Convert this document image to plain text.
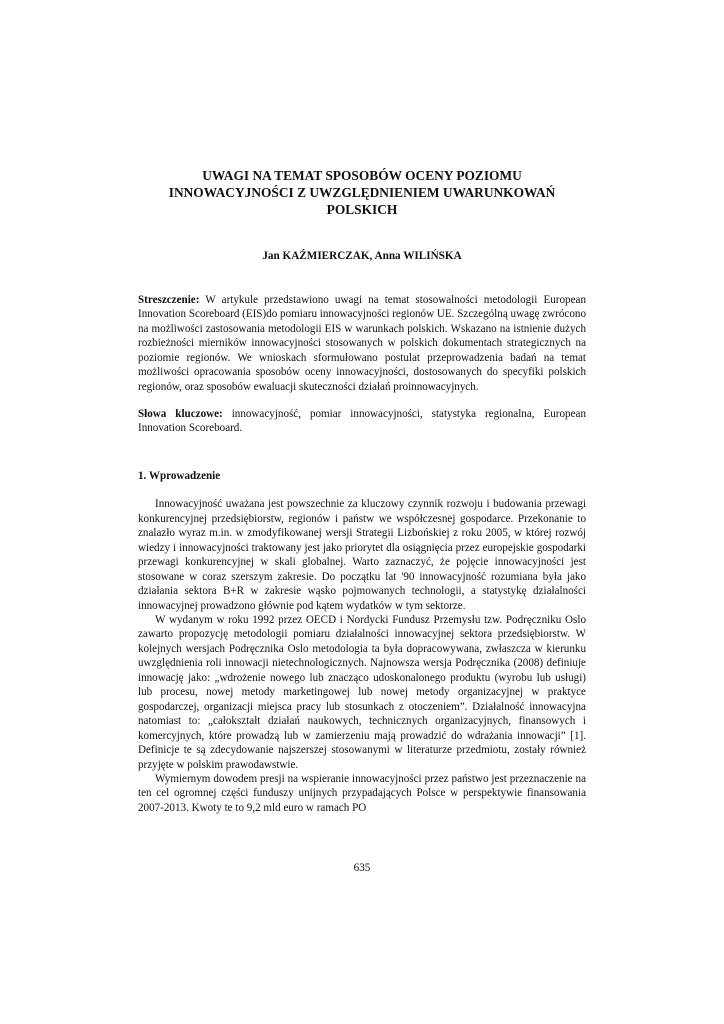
UWAGI NA TEMAT SPOSOBÓW OCENY POZIOMU
INNOWACYJNOŚCI Z UWZGLĘDNIENIEM UWARUNKOWAŃ
POLSKICH
Jan KAŹMIERCZAK, Anna WILIŃSKA

Streszczenie: W artykule przedstawiono uwagi na temat stosowalności metodologii European Innovation Scoreboard (EIS)do pomiaru innowacyjności regionów UE. Szczególną uwagę zwrócono na możliwości zastosowania metodologii EIS w warunkach polskich. Wskazano na istnienie dużych rozbieżności mierników innowacyjności stosowanych w polskich dokumentach strategicznych na poziomie regionów. We wnioskach sformułowano postulat przeprowadzenia badań na temat możliwości opracowania sposobów oceny innowacyjności, dostosowanych do specyfiki polskich regionów, oraz sposobów ewaluacji skuteczności działań proinnowacyjnych.

Słowa kluczowe: innowacyjność, pomiar innowacyjności, statystyka regionalna, European Innovation Scoreboard.

1. Wprowadzenie

Innowacyjność uważana jest powszechnie za kluczowy czynnik rozwoju i budowania przewagi konkurencyjnej przedsiębiorstw, regionów i państw we współczesnej gospodarce. Przekonanie to znalazło wyraz m.in. w zmodyfikowanej wersji Strategii Lizbońskiej z roku 2005, w której rozwój wiedzy i innowacyjności traktowany jest jako priorytet dla osiągnięcia przez europejskie gospodarki przewagi konkurencyjnej w skali globalnej. Warto zaznaczyć, że pojęcie innowacyjności jest stosowane w coraz szerszym zakresie. Do początku lat '90 innowacyjność rozumiana była jako działania sektora B+R w zakresie wąsko pojmowanych technologii, a statystykę działalności innowacyjnej prowadzono głównie pod kątem wydatków w tym sektorze.

W wydanym w roku 1992 przez OECD i Nordycki Fundusz Przemysłu tzw. Podręczniku Oslo zawarto propozycję metodologii pomiaru działalności innowacyjnej sektora przedsiębiorstw. W kolejnych wersjach Podręcznika Oslo metodologia ta była dopracowywana, zwłaszcza w kierunku uwzględnienia roli innowacji nietechnologicznych. Najnowsza wersja Podręcznika (2008) definiuje innowację jako: „wdrożenie nowego lub znacząco udoskonalonego produktu (wyrobu lub usługi) lub procesu, nowej metody marketingowej lub nowej metody organizacyjnej w praktyce gospodarczej, organizacji miejsca pracy lub stosunkach z otoczeniem”. Działalność innowacyjna natomiast to: „całokształt działań naukowych, technicznych organizacyjnych, finansowych i komercyjnych, które prowadzą lub w zamierzeniu mają prowadzić do wdrażania innowacji” [1]. Definicje te są zdecydowanie najszerszej stosowanymi w literaturze przedmiotu, zostały również przyjęte w polskim prawodawstwie.

Wymiernym dowodem presji na wspieranie innowacyjności przez państwo jest przeznaczenie na ten cel ogromnej części funduszy unijnych przypadających Polsce w perspektywie finansowania 2007-2013. Kwoty te to 9,2 mld euro w ramach PO

635
